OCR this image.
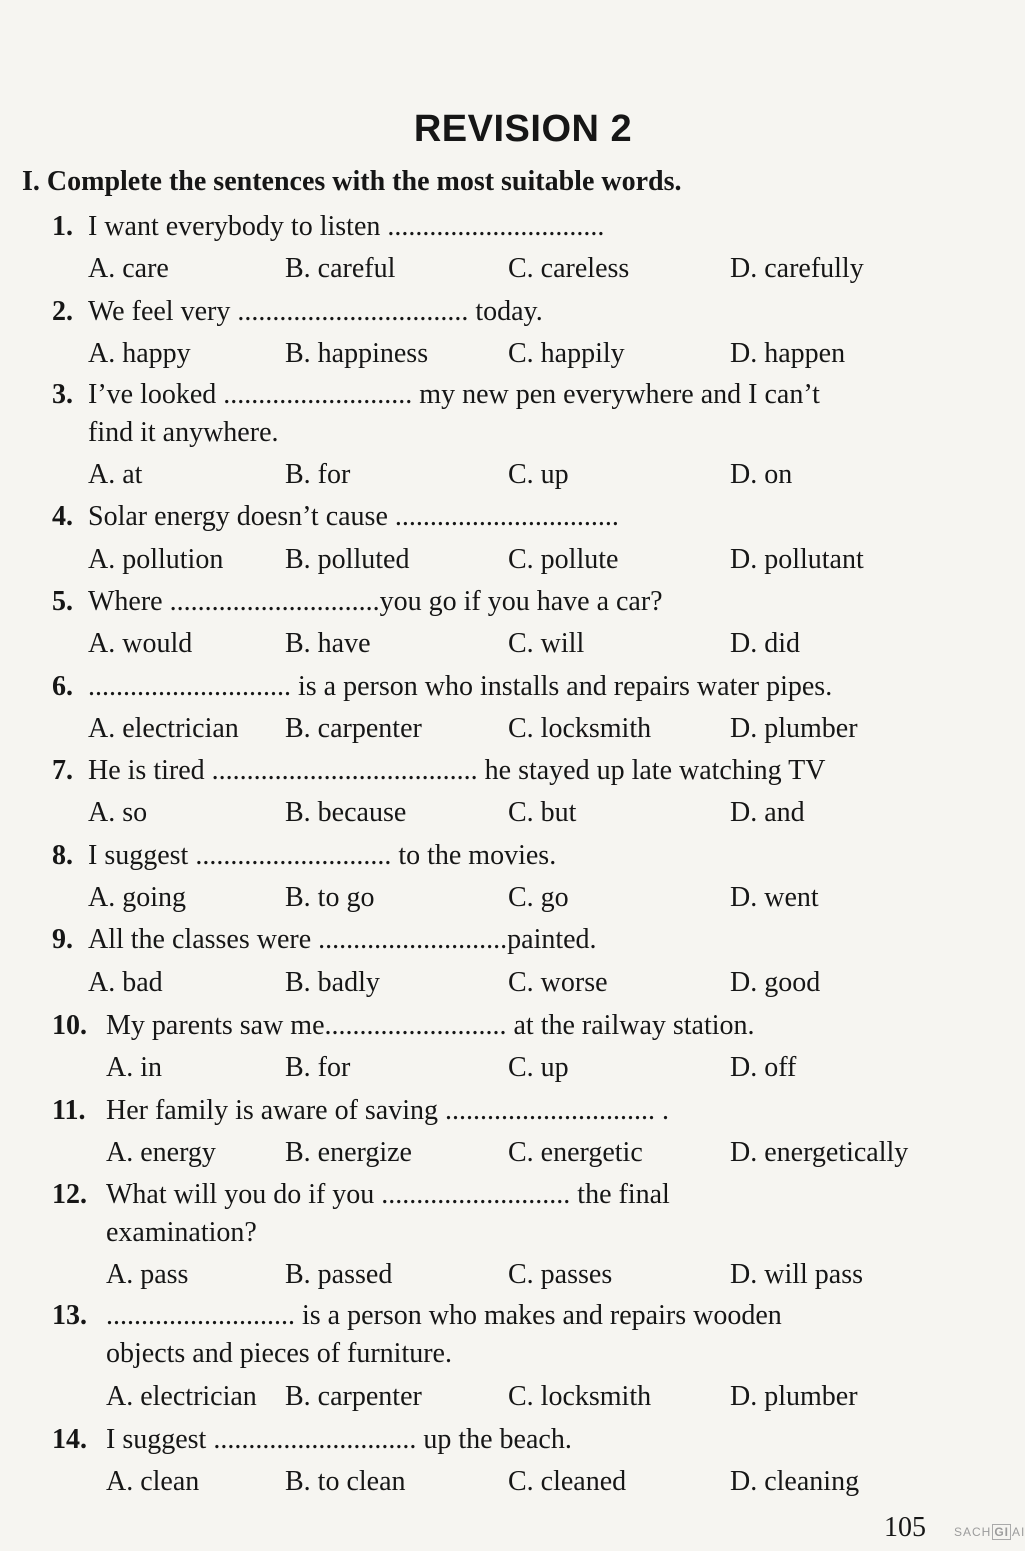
REVISION 2
I. Complete the sentences with the most suitable words.
1. I want everybody to listen ...............................
A. care	B. careful	C. careless	D. carefully
2. We feel very ................................. today.
A. happy	B. happiness	C. happily	D. happen
3. I’ve looked ........................... my new pen everywhere and I can’t
find it anywhere.
A. at	B. for	C. up	D. on
4. Solar energy doesn’t cause ................................
A. pollution B. polluted	C. pollute	D. pollutant
5. Where ..............................you go if you have a car?
A. would	B. have	C. will	D. did
6. ............................. is a person who installs and repairs water pipes.
A. electrician B. carpenter	C. locksmith	D. plumber
7. He is tired ...................................... he stayed up late watching TV
A. so	B. because	C. but	D. and
8. I suggest ............................ to the movies.
A. going	B. to go	C. go	D. went
9. All the classes were ...........................painted.
A. bad	B. badly	C. worse	D. good
10. My parents saw me.......................... at the railway station.
A. in	B. for	C. up	D. off
11. Her family is aware of saving .............................. .
A. energy B. energize	C. energetic	D. energetically
12. What will you do if you ........................... the final
examination?
A. pass	B. passed	C. passes	D. will pass
13. ........................... is a person who makes and repairs wooden
objects and pieces of furniture.
A. electrician B. carpenter	C. locksmith	D. plumber
14. I suggest ............................. up the beach.
A. clean	B. to clean	C. cleaned	D. cleaning
105 SACH GI AI
